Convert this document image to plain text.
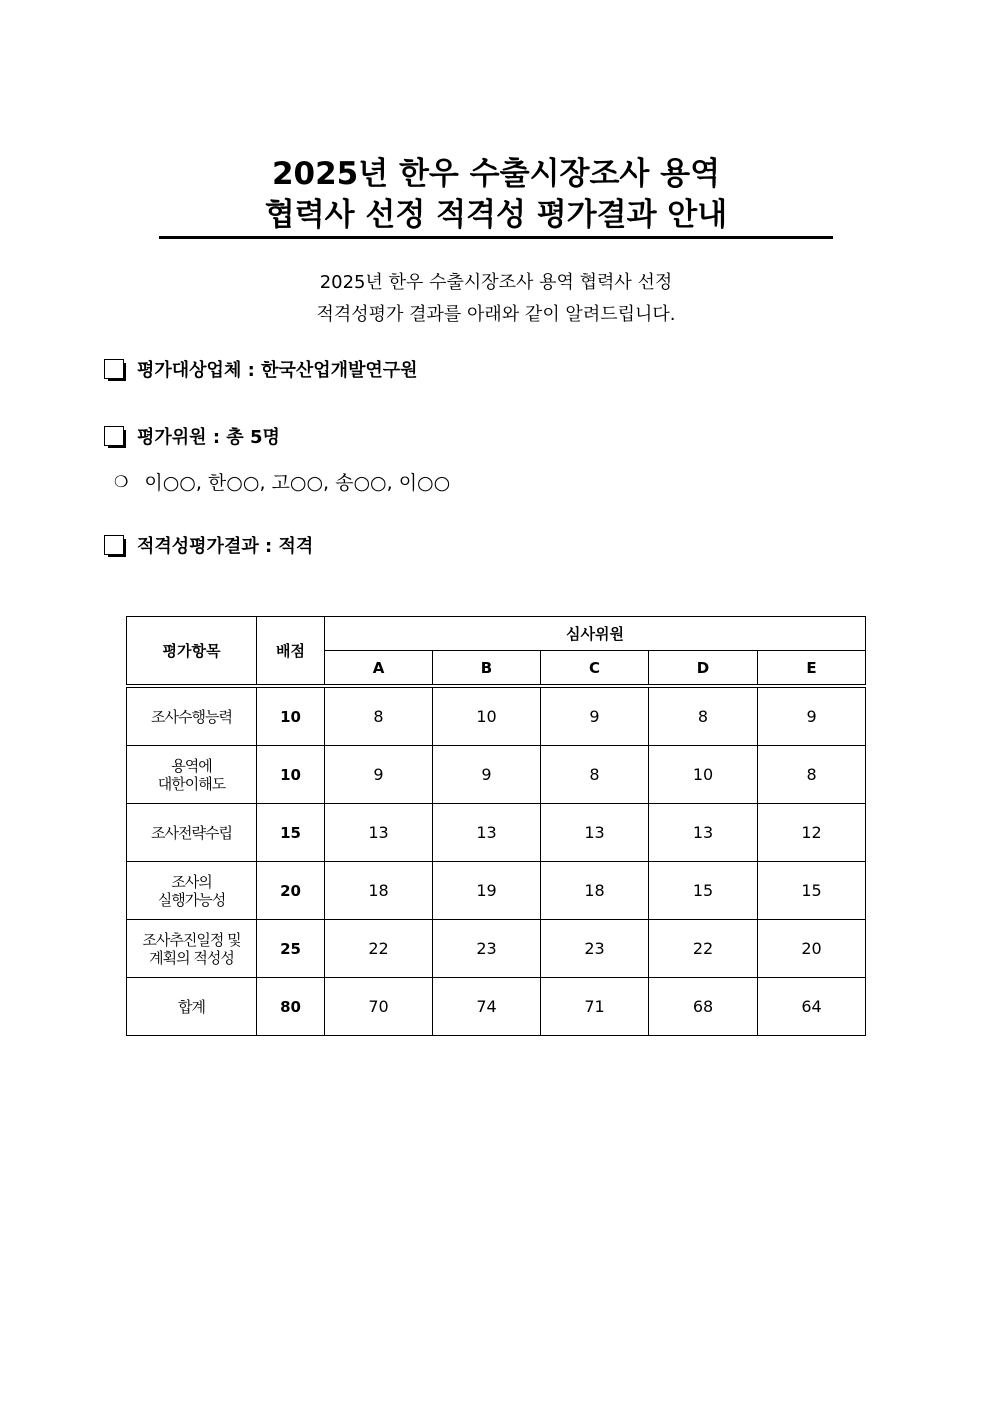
2025년 한우 수출시장조사 용역
협력사 선정 적격성 평가결과 안내
2025년 한우 수출시장조사 용역 협력사 선정
적격성평가 결과를 아래와 같이 알려드립니다.
평가대상업체 : 한국산업개발연구원
평가위원 : 총 5명
❍ 이○○, 한○○, 고○○, 송○○, 이○○
적격성평가결과 : 적격
평가항목	배점	심사위원				
		A	B	C	D	E

조사수행능력	10	8	10	9	8	9

용역에
대한이해도	10	9	9	8	10	8

조사전략수립	15	13	13	13	13	12

조사의
실행가능성	20	18	19	18	15	15

조사추진일정 및
계획의 적성성	25	22	23	23	22	20

합계	80	70	74	71	68	64
